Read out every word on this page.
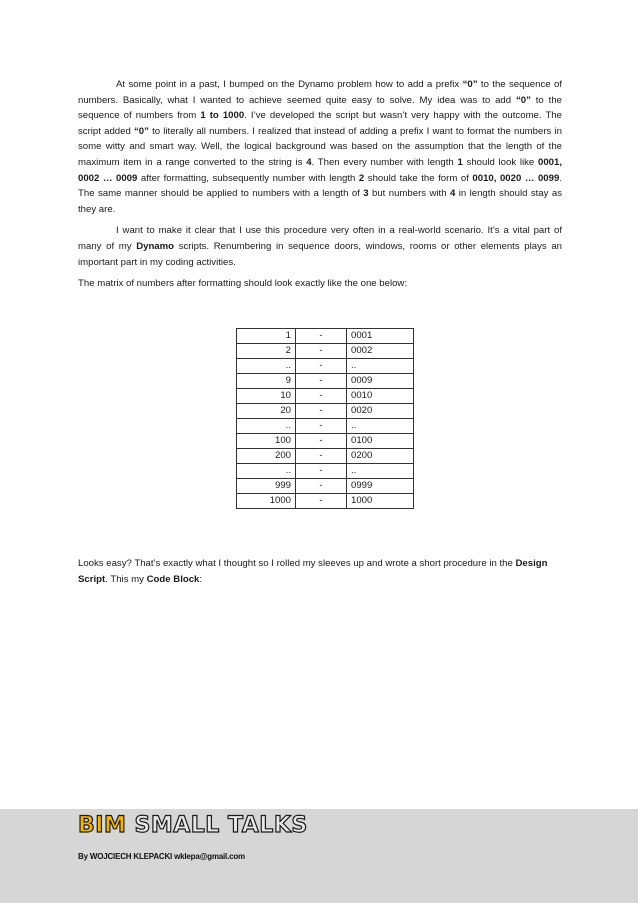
At some point in a past, I bumped on the Dynamo problem how to add a prefix “0” to the sequence of numbers. Basically, what I wanted to achieve seemed quite easy to solve. My idea was to add “0” to the sequence of numbers from 1 to 1000. I’ve developed the script but wasn’t very happy with the outcome. The script added “0” to literally all numbers. I realized that instead of adding a prefix I want to format the numbers in some witty and smart way. Well, the logical background was based on the assumption that the length of the maximum item in a range converted to the string is 4. Then every number with length 1 should look like 0001, 0002 … 0009 after formatting, subsequently number with length 2 should take the form of 0010, 0020 … 0099. The same manner should be applied to numbers with a length of 3 but numbers with 4 in length should stay as they are.

I want to make it clear that I use this procedure very often in a real-world scenario. It’s a vital part of many of my Dynamo scripts. Renumbering in sequence doors, windows, rooms or other elements plays an important part in my coding activities.

The matrix of numbers after formatting should look exactly like the one below:

1	-	0001
2	-	0002
..	-	..
9	-	0009
10	-	0010
20	-	0020
..	-	..
100	-	0100
200	-	0200
..	-	..
999	-	0999
1000	-	1000
Looks easy? That’s exactly what I thought so I rolled my sleeves up and wrote a short procedure in the Design Script. This my Code Block:
BIM SMALL TALKS
By WOJCIECH KLEPACKI wklepa@gmail.com
